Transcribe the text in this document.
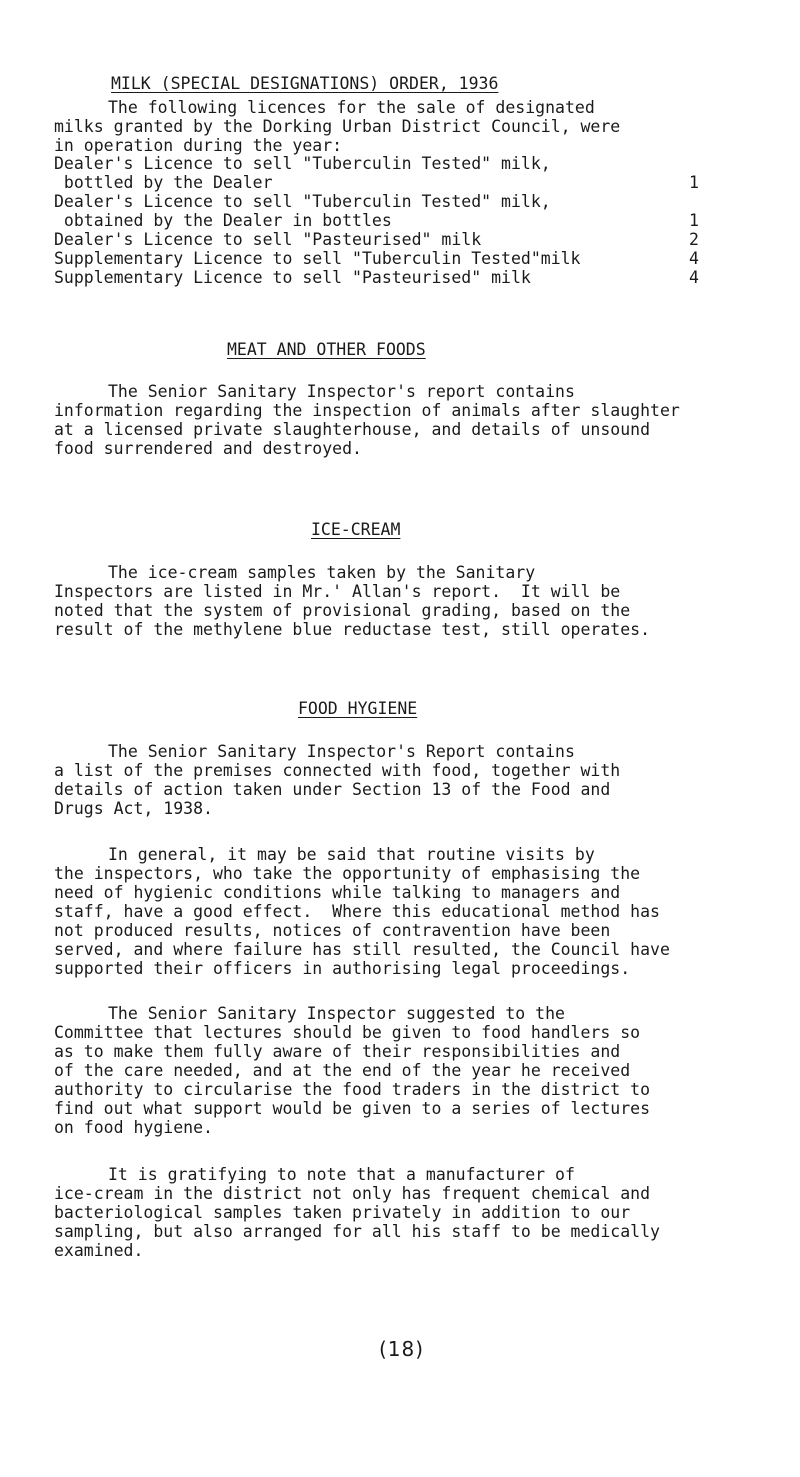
MILK (SPECIAL DESIGNATIONS) ORDER, 1936

The following licences for the sale of designated

milks granted by the Dorking Urban District Council, were

in operation during the year:

Dealer's Licence to sell "Tuberculin Tested" milk,
bottled by the Dealer	1
Dealer's Licence to sell "Tuberculin Tested" milk,
obtained by the Dealer in bottles	1
Dealer's Licence to sell "Pasteurised" milk	2
Supplementary Licence to sell "Tuberculin Tested"milk	4
Supplementary Licence to sell "Pasteurised" milk	4
MEAT AND OTHER FOODS

The Senior Sanitary Inspector's report contains

information regarding the inspection of animals after slaughter

at a licensed private slaughterhouse, and details of unsound

food surrendered and destroyed.

ICE-CREAM

The ice-cream samples taken by the Sanitary

Inspectors are listed in Mr.' Allan's report.  It will be

noted that the system of provisional grading, based on the

result of the methylene blue reductase test, still operates.

FOOD HYGIENE

The Senior Sanitary Inspector's Report contains

a list of the premises connected with food, together with

details of action taken under Section 13 of the Food and

Drugs Act, 1938.

In general, it may be said that routine visits by

the inspectors, who take the opportunity of emphasising the

need of hygienic conditions while talking to managers and

staff, have a good effect.  Where this educational method has

not produced results, notices of contravention have been

served, and where failure has still resulted, the Council have

supported their officers in authorising legal proceedings.

The Senior Sanitary Inspector suggested to the

Committee that lectures should be given to food handlers so

as to make them fully aware of their responsibilities and

of the care needed, and at the end of the year he received

authority to circularise the food traders in the district to

find out what support would be given to a series of lectures

on food hygiene.

It is gratifying to note that a manufacturer of

ice-cream in the district not only has frequent chemical and

bacteriological samples taken privately in addition to our

sampling, but also arranged for all his staff to be medically

examined.

(18)
